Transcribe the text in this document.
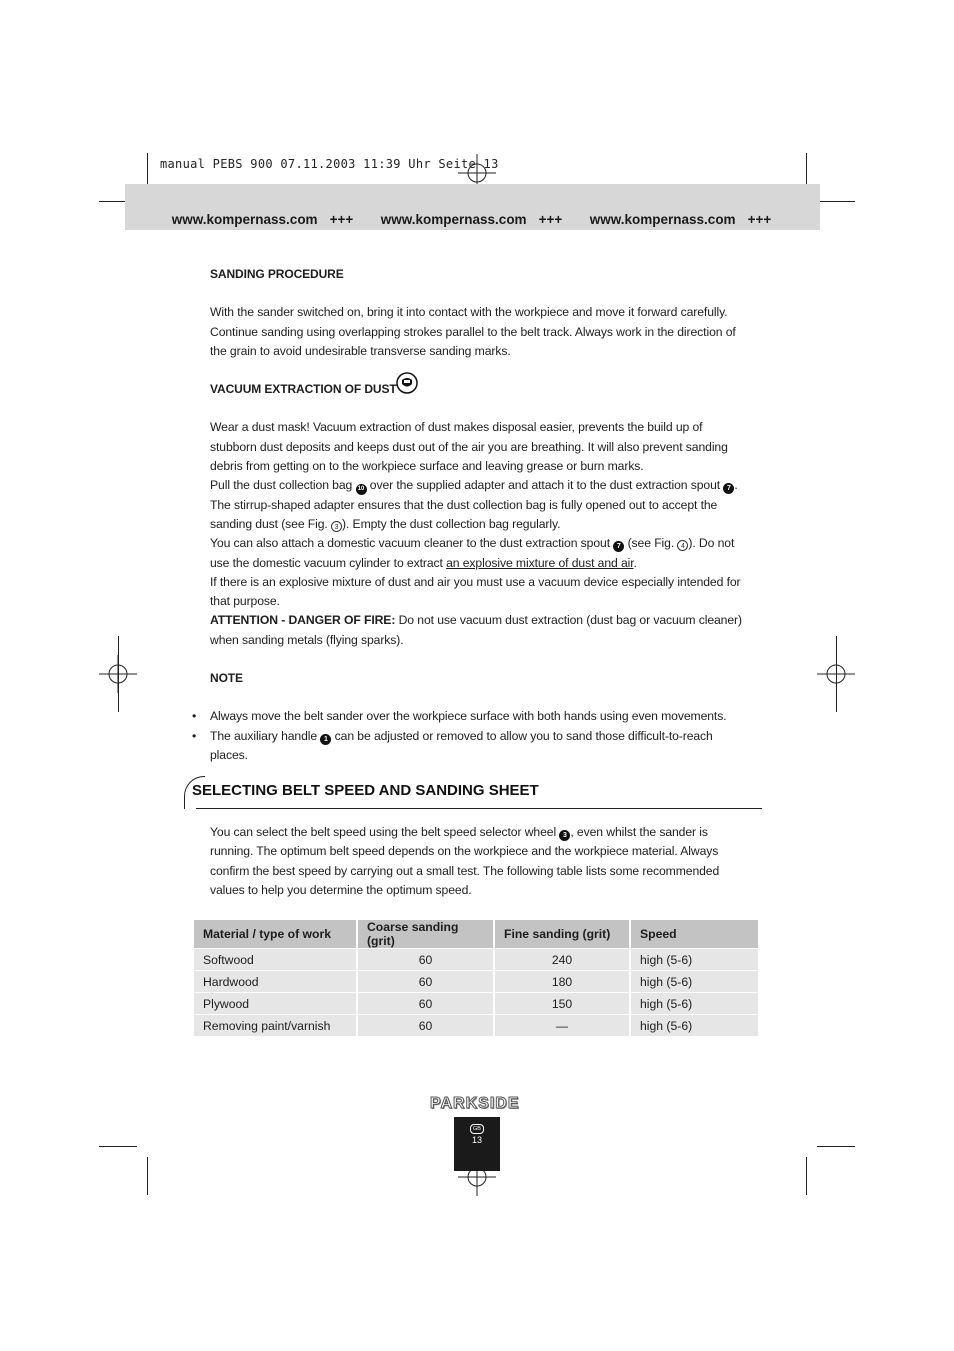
manual PEBS 900 07.11.2003 11:39 Uhr Seite 13
www.kompernass.com +++	www.kompernass.com +++	www.kompernass.com +++

SANDING PROCEDURE

With the sander switched on, bring it into contact with the workpiece and move it forward carefully.

Continue sanding using overlapping strokes parallel to the belt track. Always work in the direction of

the grain to avoid undesirable transverse sanding marks.

VACUUM EXTRACTION OF DUST

Wear a dust mask! Vacuum extraction of dust makes disposal easier, prevents the build up of

stubborn dust deposits and keeps dust out of the air you are breathing. It will also prevent sanding

debris from getting on to the workpiece surface and leaving grease or burn marks.

Pull the dust collection bag 10 over the supplied adapter and attach it to the dust extraction spout 7 .

The stirrup-shaped adapter ensures that the dust collection bag is fully opened out to accept the

sanding dust (see Fig. 3 ). Empty the dust collection bag regularly.

You can also attach a domestic vacuum cleaner to the dust extraction spout 7 (see Fig. 4 ). Do not

use the domestic vacuum cylinder to extract an explosive mixture of dust and air.

If there is an explosive mixture of dust and air you must use a vacuum device especially intended for

that purpose.

ATTENTION - DANGER OF FIRE: Do not use vacuum dust extraction (dust bag or vacuum cleaner)

when sanding metals (flying sparks).

NOTE

• Always move the belt sander over the workpiece surface with both hands using even movements.
• The auxiliary handle 1 can be adjusted or removed to allow you to sand those difficult-to-reach
places.
SELECTING BELT SPEED AND SANDING SHEET

You can select the belt speed using the belt speed selector wheel 3 , even whilst the sander is

running. The optimum belt speed depends on the workpiece and the workpiece material. Always

confirm the best speed by carrying out a small test. The following table lists some recommended

values to help you determine the optimum speed.

Material / type of work	Coarse sanding (grit)	Fine sanding (grit)	Speed
Softwood	60	240	high (5-6)
Hardwood	60	180	high (5-6)
Plywood	60	150	high (5-6)
Removing paint/varnish	60	—	high (5-6)
PARKSIDE
GB
13
